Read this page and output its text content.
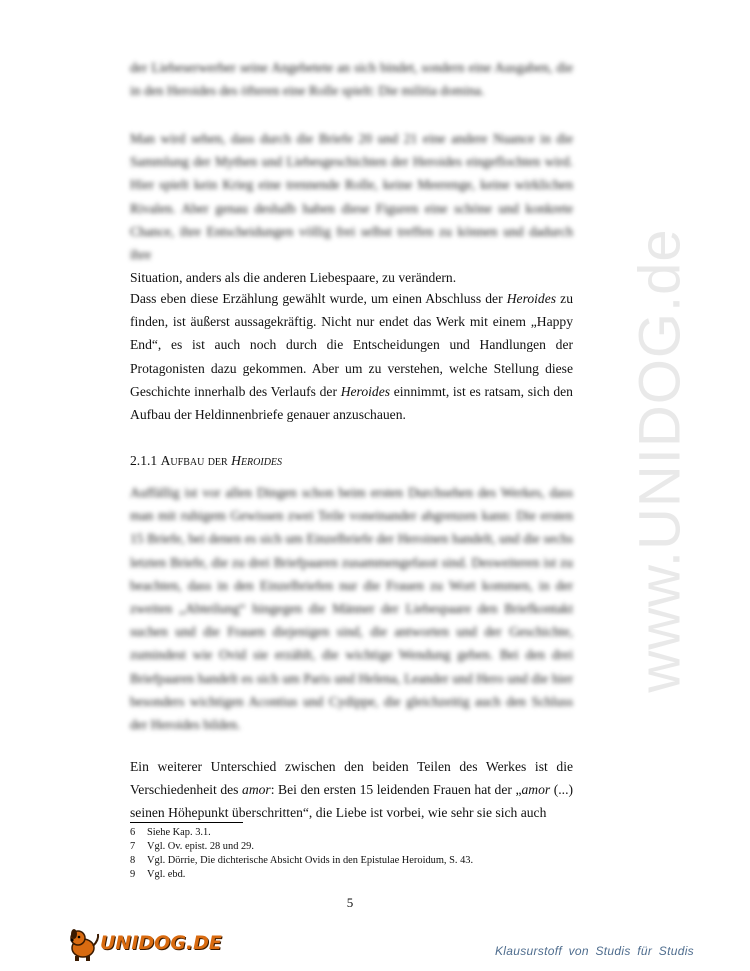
www.UNIDOG.de

der Liebeserwerber seine Angebetete an sich bindet, sondern eine Ausgaben, die in den Heroides des öfteren eine Rolle spielt: Die militia domina.

Man wird sehen, dass durch die Briefe 20 und 21 eine andere Nuance in die Sammlung der Mythen und Liebesgeschichten der Heroides eingeflochten wird. Hier spielt kein Krieg eine trennende Rolle, keine Meerenge, keine wirklichen Rivalen. Aber genau deshalb haben diese Figuren eine schöne und konkrete Chance, ihre Entscheidungen völlig frei selbst treffen zu können und dadurch ihre

Situation, anders als die anderen Liebespaare, zu verändern.

Dass eben diese Erzählung gewählt wurde, um einen Abschluss der Heroides zu finden, ist äußerst aussagekräftig. Nicht nur endet das Werk mit einem „Happy End“, es ist auch noch durch die Entscheidungen und Handlungen der Protagonisten dazu gekommen. Aber um zu verstehen, welche Stellung diese Geschichte innerhalb des Verlaufs der Heroides einnimmt, ist es ratsam, sich den Aufbau der Heldinnenbriefe genauer anzuschauen.

2.1.1 Aufbau der Heroides

Auffällig ist vor allen Dingen schon beim ersten Durchsehen des Werkes, dass man mit ruhigem Gewissen zwei Teile voneinander abgrenzen kann: Die ersten 15 Briefe, bei denen es sich um Einzelbriefe der Heroinen handelt, und die sechs letzten Briefe, die zu drei Briefpaaren zusammengefasst sind. Desweiteren ist zu beachten, dass in den Einzelbriefen nur die Frauen zu Wort kommen, in der zweiten „Abteilung“ hingegen die Männer der Liebespaare den Briefkontakt suchen und die Frauen diejenigen sind, die antworten und der Geschichte, zumindest wie Ovid sie erzählt, die wichtige Wendung geben. Bei den drei Briefpaaren handelt es sich um Paris und Helena, Leander und Hero und die hier besonders wichtigen Acontius und Cydippe, die gleichzeitig auch den Schluss der Heroides bilden.

Ein weiterer Unterschied zwischen den beiden Teilen des Werkes ist die Verschiedenheit des amor: Bei den ersten 15 leidenden Frauen hat der „amor (...) seinen Höhepunkt überschritten“, die Liebe ist vorbei, wie sehr sie sich auch

6	Siehe Kap. 3.1.
7	Vgl. Ov. epist. 28 und 29.
8	Vgl. Dörrie, Die dichterische Absicht Ovids in den Epistulae Heroidum, S. 43.
9	Vgl. ebd.
5
UNIDOG.DE	Klausurstoff von Studis für Studis
